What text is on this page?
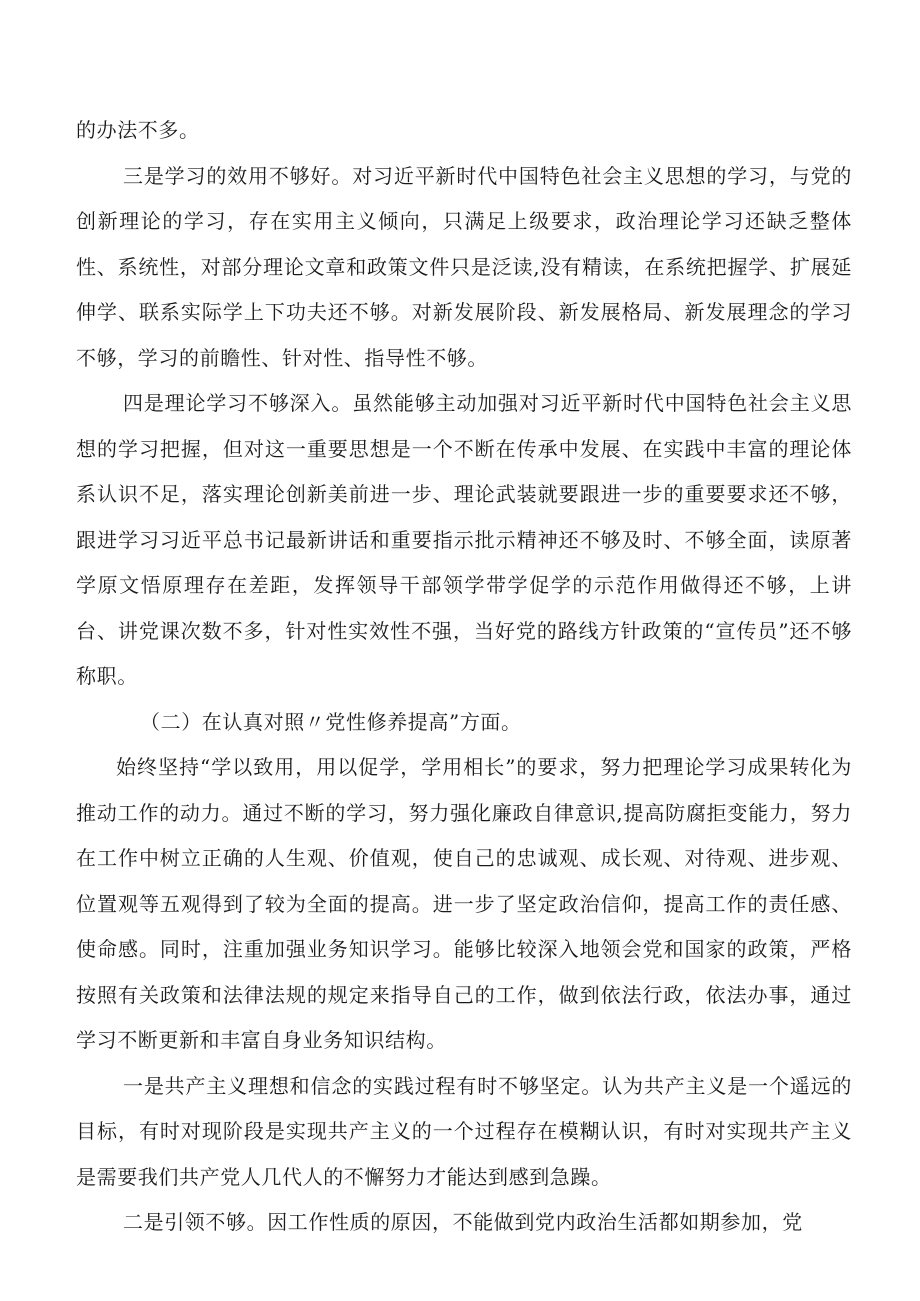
的办法不多。

三是学习的效用不够好。对习近平新时代中国特色社会主义思想的学习，与党的创新理论的学习，存在实用主义倾向，只满足上级要求，政治理论学习还缺乏整体性、系统性，对部分理论文章和政策文件只是泛读,没有精读，在系统把握学、扩展延伸学、联系实际学上下功夫还不够。对新发展阶段、新发展格局、新发展理念的学习不够，学习的前瞻性、针对性、指导性不够。

四是理论学习不够深入。虽然能够主动加强对习近平新时代中国特色社会主义思想的学习把握，但对这一重要思想是一个不断在传承中发展、在实践中丰富的理论体系认识不足，落实理论创新美前进一步、理论武装就要跟进一步的重要要求还不够，跟进学习习近平总书记最新讲话和重要指示批示精神还不够及时、不够全面，读原著学原文悟原理存在差距，发挥领导干部领学带学促学的示范作用做得还不够，上讲台、讲党课次数不多，针对性实效性不强，当好党的路线方针政策的“宣传员”还不够称职。

（二）在认真对照〃党性修养提高”方面。

始终坚持“学以致用，用以促学，学用相长”的要求，努力把理论学习成果转化为推动工作的动力。通过不断的学习，努力强化廉政自律意识,提高防腐拒变能力，努力在工作中树立正确的人生观、价值观，使自己的忠诚观、成长观、对待观、进步观、位置观等五观得到了较为全面的提高。进一步了坚定政治信仰，提高工作的责任感、使命感。同时，注重加强业务知识学习。能够比较深入地领会党和国家的政策，严格按照有关政策和法律法规的规定来指导自己的工作，做到依法行政，依法办事，通过学习不断更新和丰富自身业务知识结构。

一是共产主义理想和信念的实践过程有时不够坚定。认为共产主义是一个遥远的目标，有时对现阶段是实现共产主义的一个过程存在模糊认识，有时对实现共产主义是需要我们共产党人几代人的不懈努力才能达到感到急躁。

二是引领不够。因工作性质的原因，不能做到党内政治生活都如期参加，党
